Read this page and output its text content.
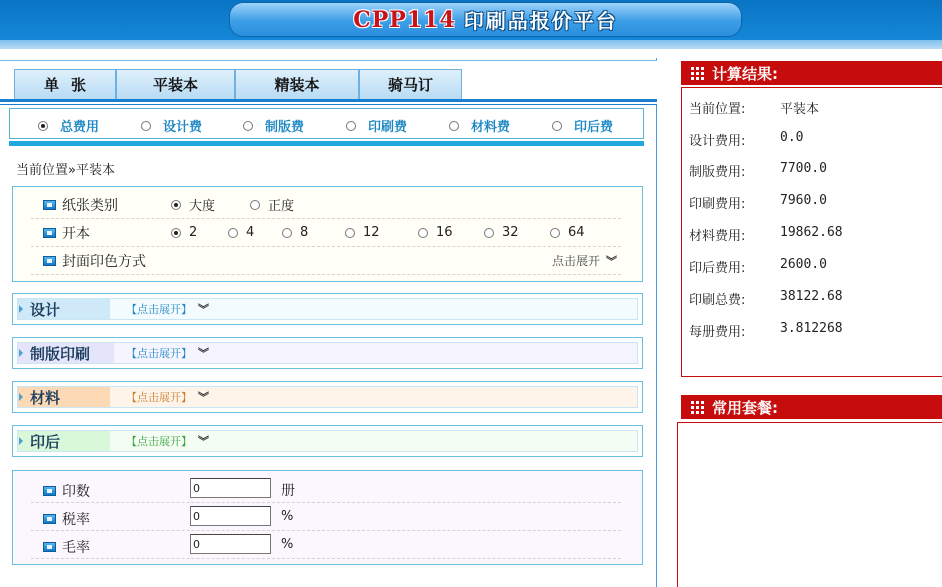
CPP114 印刷品报价平台
单张	平装本	精装本	骑马订
总费用	设计费	制版费	印刷费	材料费	印后费
当前位置»平装本
纸张类别	大度	正度
开本	2	4	8	12	16	32	64
封面印色方式	点击展开 ︾
设计	【点击展开】 ︾
制版印刷	【点击展开】 ︾
材料	【点击展开】 ︾
印后	【点击展开】 ︾
印数
0	册
税率
0	%
毛率
0	%
计算结果:
当前位置:	平装本
设计费用:	0.0
制版费用:	7700.0
印刷费用:	7960.0
材料费用:	19862.68
印后费用:	2600.0
印刷总费:	38122.68
每册费用:	3.812268
常用套餐:
